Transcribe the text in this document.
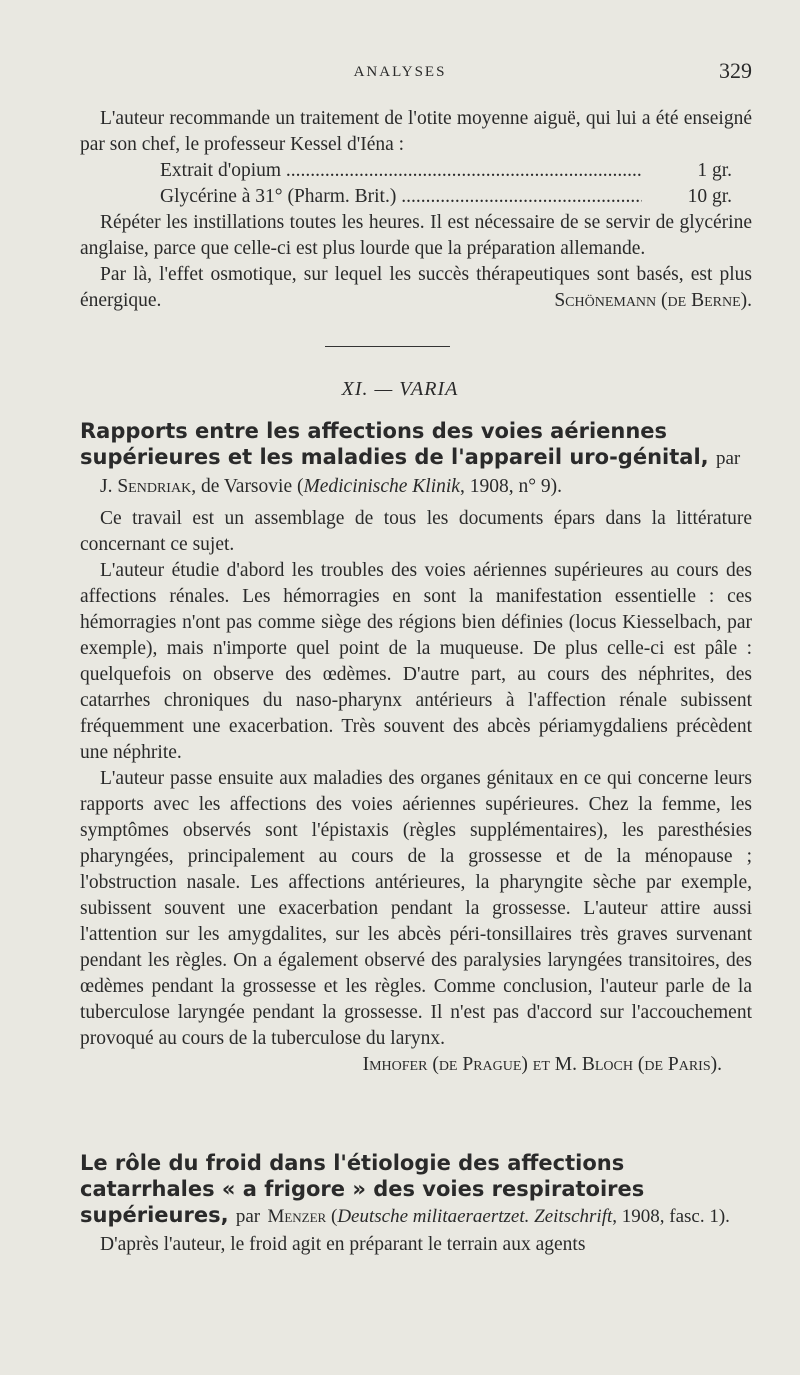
ANALYSES	329

L'auteur recommande un traitement de l'otite moyenne aiguë, qui lui a été enseigné par son chef, le professeur Kessel d'Iéna :

Extrait d'opium .....	1 gr.
Glycérine à 31° (Pharm. Brit.) .....	10 gr.

Répéter les instillations toutes les heures. Il est nécessaire de se servir de glycérine anglaise, parce que celle-ci est plus lourde que la préparation allemande.

Par là, l'effet osmotique, sur lequel les succès thérapeutiques sont basés, est plus énergique.	Schönemann (de Berne).

XI. — VARIA
Rapports entre les affections des voies aériennes supérieures et les maladies de l'appareil uro-génital, par

J. Sendriak, de Varsovie (Medicinische Klinik, 1908, n° 9).

Ce travail est un assemblage de tous les documents épars dans la littérature concernant ce sujet.

L'auteur étudie d'abord les troubles des voies aériennes supérieures au cours des affections rénales. Les hémorragies en sont la manifestation essentielle : ces hémorragies n'ont pas comme siège des régions bien définies (locus Kiesselbach, par exemple), mais n'importe quel point de la muqueuse. De plus celle-ci est pâle : quelquefois on observe des œdèmes. D'autre part, au cours des néphrites, des catarrhes chroniques du naso-pharynx antérieurs à l'affection rénale subissent fréquemment une exacerbation. Très souvent des abcès périamygdaliens précèdent une néphrite.

L'auteur passe ensuite aux maladies des organes génitaux en ce qui concerne leurs rapports avec les affections des voies aériennes supérieures. Chez la femme, les symptômes observés sont l'épistaxis (règles supplémentaires), les paresthésies pharyngées, principalement au cours de la grossesse et de la ménopause ; l'obstruction nasale. Les affections antérieures, la pharyngite sèche par exemple, subissent souvent une exacerbation pendant la grossesse. L'auteur attire aussi l'attention sur les amygdalites, sur les abcès péri-tonsillaires très graves survenant pendant les règles. On a également observé des paralysies laryngées transitoires, des œdèmes pendant la grossesse et les règles. Comme conclusion, l'auteur parle de la tuberculose laryngée pendant la grossesse. Il n'est pas d'accord sur l'accouchement provoqué au cours de la tuberculose du larynx.

Imhofer (de Prague) et M. Bloch (de Paris).

Le rôle du froid dans l'étiologie des affections catarrhales « a frigore » des voies respiratoires supérieures, par Menzer (Deutsche militaeraertzet. Zeitschrift, 1908, fasc. 1).

D'après l'auteur, le froid agit en préparant le terrain aux agents
